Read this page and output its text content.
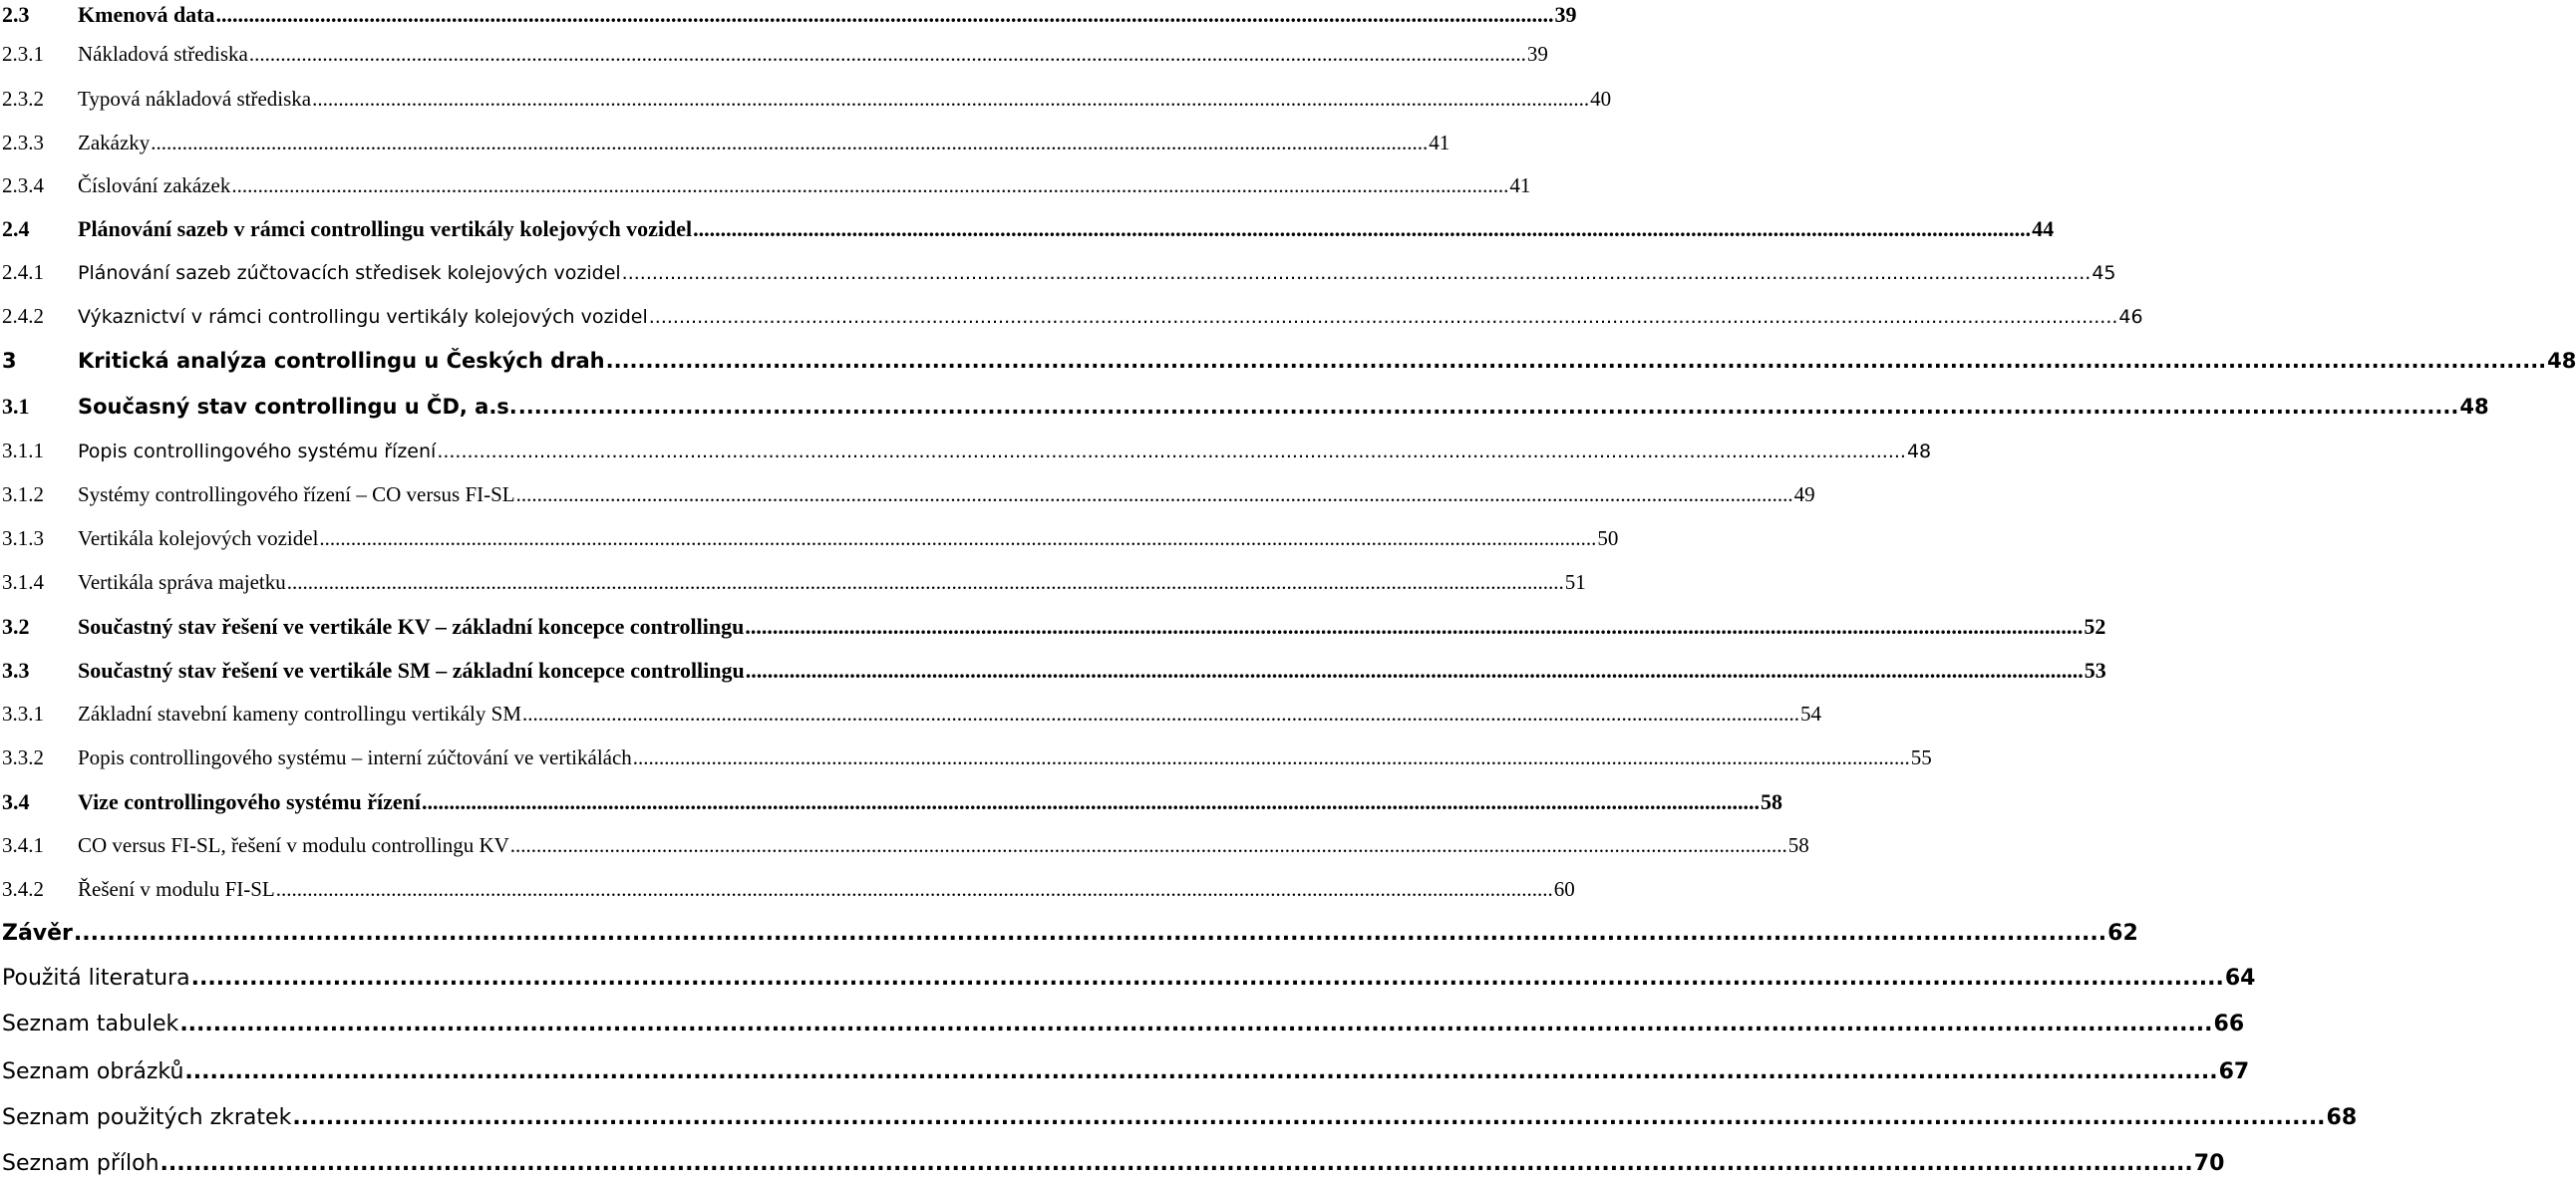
2.3	Kmenová data .....	39
2.3.1	Nákladová střediska .....	39
2.3.2	Typová nákladová střediska .....	40
2.3.3	Zakázky .....	41
2.3.4	Číslování zakázek .....	41
2.4	Plánování sazeb v rámci controllingu vertikály kolejových vozidel .....	44
2.4.1	Plánování sazeb zúčtovacích středisek kolejových vozidel .....	45
2.4.2	Výkaznictví v rámci controllingu vertikály kolejových vozidel .....	46
3	Kritická analýza controllingu u Českých drah .....	48
3.1	Současný stav controllingu u ČD, a.s. .....	48
3.1.1	Popis controllingového systému řízení .....	48
3.1.2	Systémy controllingového řízení – CO versus FI-SL .....	49
3.1.3	Vertikála kolejových vozidel .....	50
3.1.4	Vertikála správa majetku .....	51
3.2	Součastný stav řešení ve vertikále KV – základní koncepce controllingu .....	52
3.3	Součastný stav řešení ve vertikále SM – základní koncepce controllingu .....	53
3.3.1	Základní stavební kameny controllingu vertikály SM .....	54
3.3.2	Popis controllingového systému – interní zúčtování ve vertikálách .....	55
3.4	Vize controllingového systému řízení .....	58
3.4.1	CO versus FI-SL, řešení v modulu controllingu KV .....	58
3.4.2	Řešení v modulu FI-SL .....	60
Závěr .....	62
Použitá literatura .....	64
Seznam tabulek .....	66
Seznam obrázků .....	67
Seznam použitých zkratek .....	68
Seznam příloh .....	70
